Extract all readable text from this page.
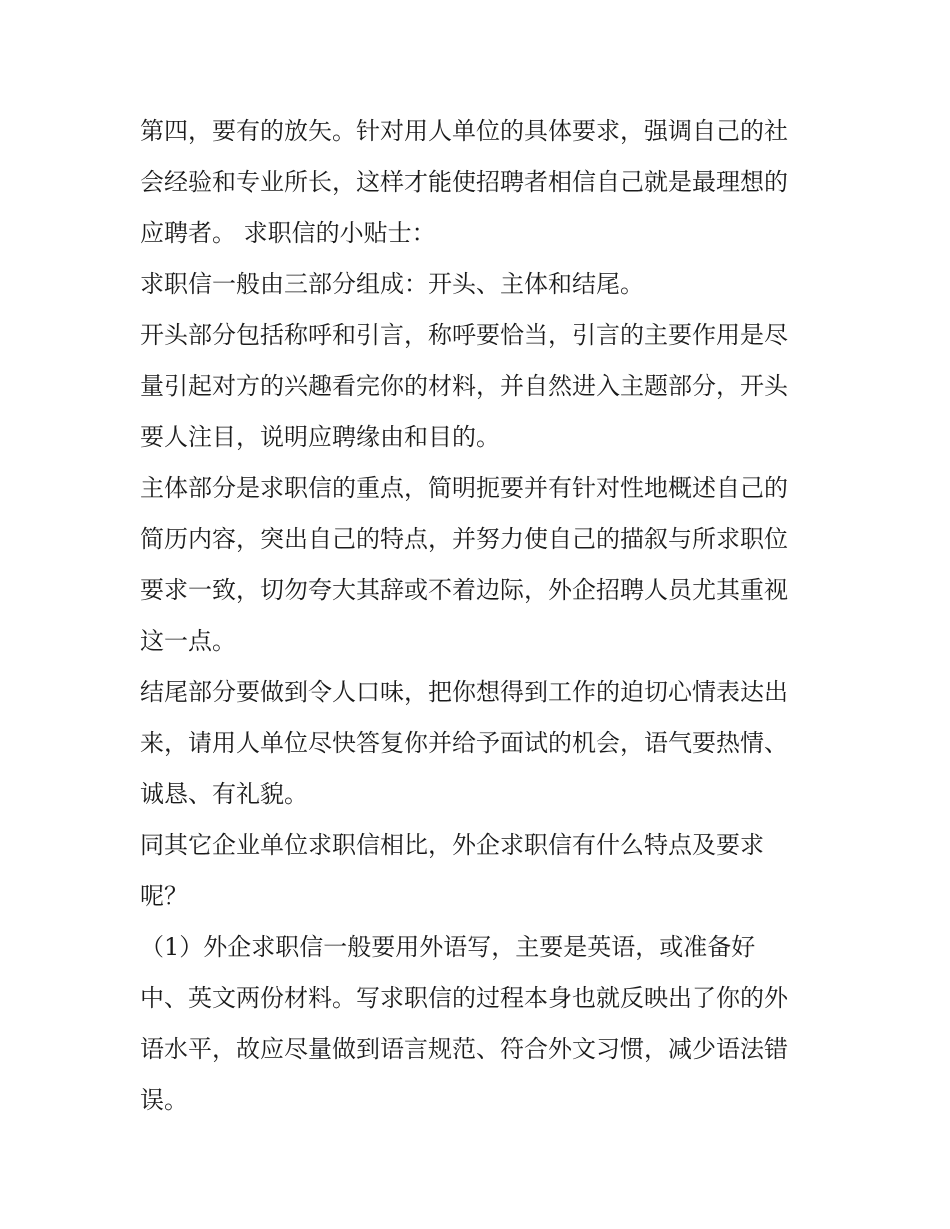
第四，要有的放矢。针对用人单位的具体要求，强调自己的社
会经验和专业所长，这样才能使招聘者相信自己就是最理想的
应聘者。 求职信的小贴士：
求职信一般由三部分组成：开头、主体和结尾。
开头部分包括称呼和引言，称呼要恰当，引言的主要作用是尽
量引起对方的兴趣看完你的材料，并自然进入主题部分，开头
要人注目，说明应聘缘由和目的。
主体部分是求职信的重点，简明扼要并有针对性地概述自己的
简历内容，突出自己的特点，并努力使自己的描叙与所求职位
要求一致，切勿夸大其辞或不着边际，外企招聘人员尤其重视
这一点。
结尾部分要做到令人口味，把你想得到工作的迫切心情表达出
来，请用人单位尽快答复你并给予面试的机会，语气要热情、
诚恳、有礼貌。
同其它企业单位求职信相比，外企求职信有什么特点及要求
呢？
（1）外企求职信一般要用外语写，主要是英语，或准备好
中、英文两份材料。写求职信的过程本身也就反映出了你的外
语水平，故应尽量做到语言规范、符合外文习惯，减少语法错
误。
